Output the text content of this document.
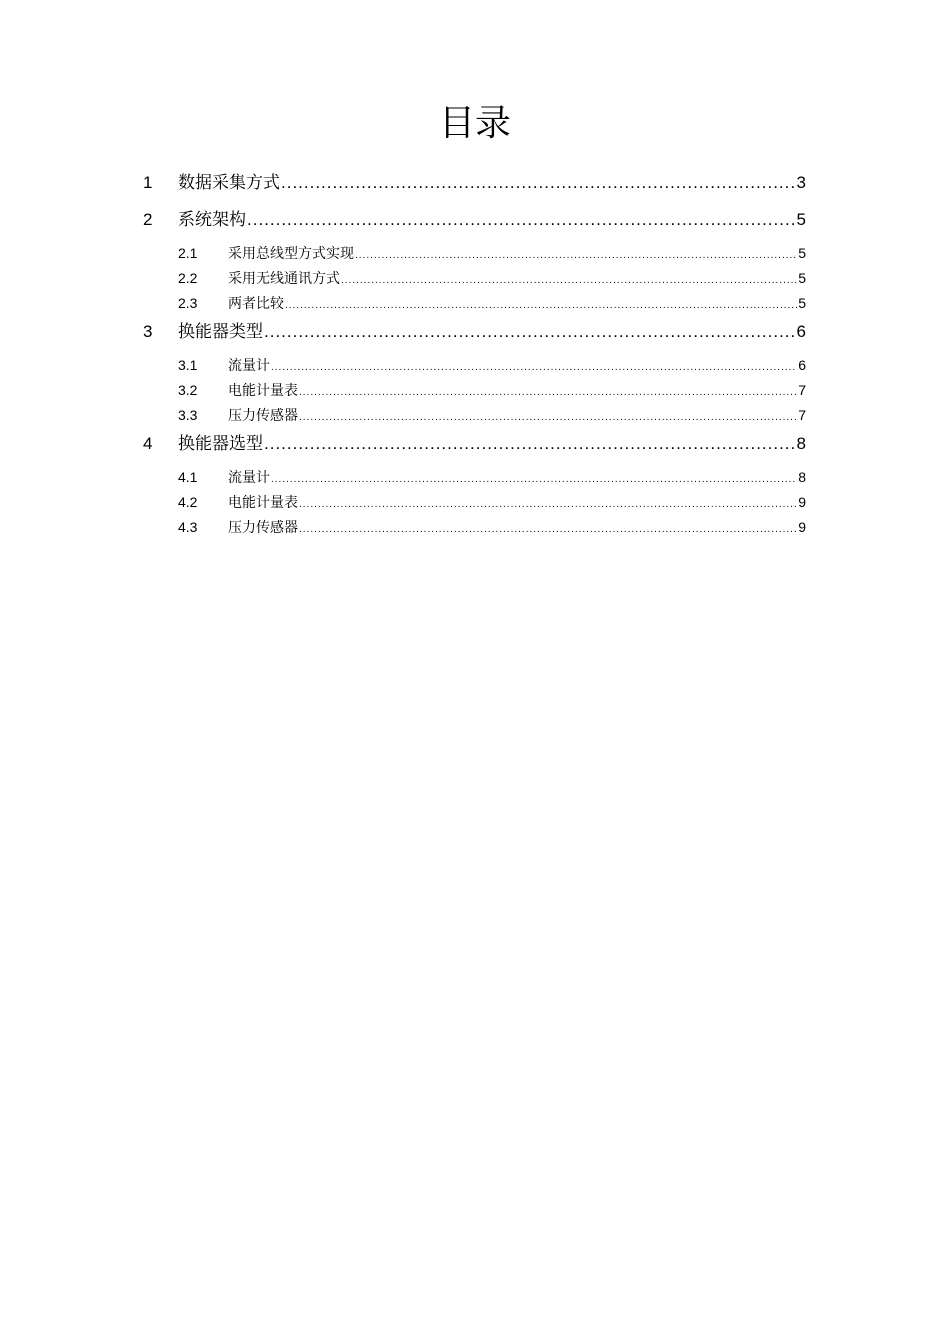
目录
1	数据采集方式 .....	3
2	系统架构 .....	5
2.1	采用总线型方式实现 .....	5
2.2	采用无线通讯方式 .....	5
2.3	两者比较 .....	5
3	换能器类型 .....	6
3.1	流量计 .....	6
3.2	电能计量表 .....	7
3.3	压力传感器 .....	7
4	换能器选型 .....	8
4.1	流量计 .....	8
4.2	电能计量表 .....	9
4.3	压力传感器 .....	9
